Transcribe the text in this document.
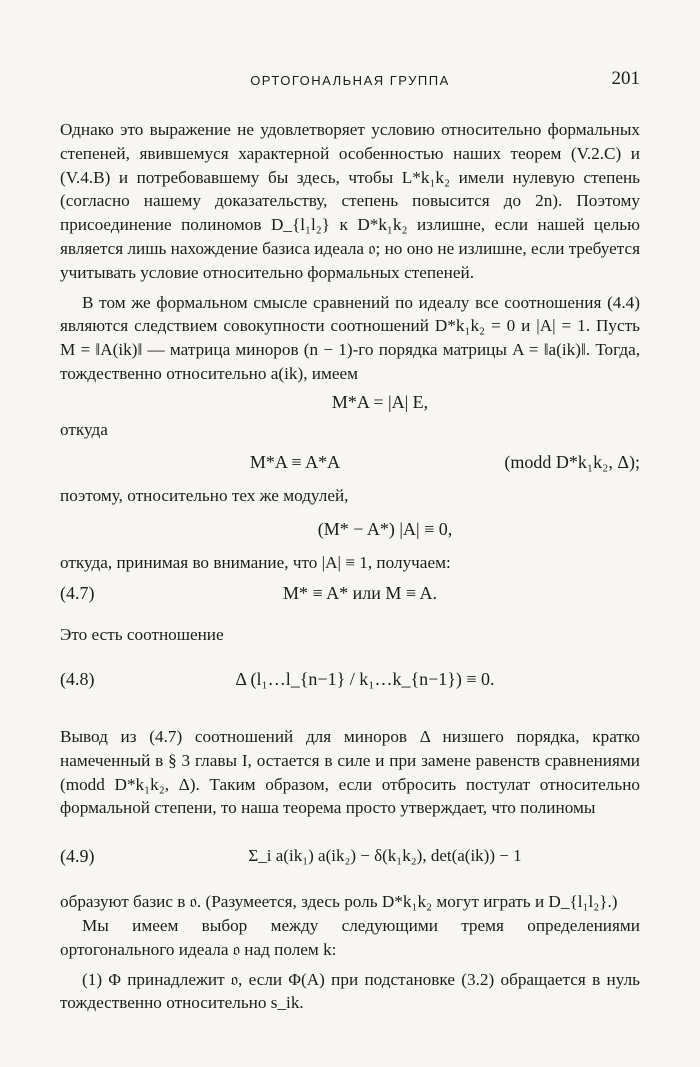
ОРТОГОНАЛЬНАЯ ГРУППА	201

Однако это выражение не удовлетворяет условию относительно формальных степеней, явившемуся характерной особенностью наших теорем (V.2.C) и (V.4.B) и потребовавшему бы здесь, чтобы L*k₁k₂ имели нулевую степень (согласно нашему доказательству, степень повысится до 2n). Поэтому присоединение полиномов D_{l₁l₂} к D*k₁k₂ излишне, если нашей целью является лишь нахождение базиса идеала 𝔬; но оно не излишне, если требуется учитывать условие относительно формальных степеней.

В том же формальном смысле сравнений по идеалу все соотношения (4.4) являются следствием совокупности соотношений D*k₁k₂ = 0 и |A| = 1. Пусть M = ‖A(ik)‖ — матрица миноров (n − 1)-го порядка матрицы A = ‖a(ik)‖. Тогда, тождественно относительно a(ik), имеем

M*A = |A| E,

откуда

M*A ≡ A*A	(modd D*k₁k₂, Δ);

поэтому, относительно тех же модулей,

(M* − A*) |A| ≡ 0,

откуда, принимая во внимание, что |A| ≡ 1, получаем:

(4.7)	M* ≡ A* или M ≡ A.

Это есть соотношение

(4.8)	Δ (l₁…l_{n−1} / k₁…k_{n−1}) ≡ 0.

Вывод из (4.7) соотношений для миноров Δ низшего порядка, кратко намеченный в § 3 главы I, остается в силе и при замене равенств сравнениями (modd D*k₁k₂, Δ). Таким образом, если отбросить постулат относительно формальной степени, то наша теорема просто утверждает, что полиномы

(4.9)	Σ_i a(ik₁) a(ik₂) − δ(k₁k₂), det(a(ik)) − 1

образуют базис в 𝔬. (Разумеется, здесь роль D*k₁k₂ могут играть и D_{l₁l₂}.)

Мы имеем выбор между следующими тремя определениями ортогонального идеала 𝔬 над полем k:

(1) Φ принадлежит 𝔬, если Φ(A) при подстановке (3.2) обращается в нуль тождественно относительно s_ik.
